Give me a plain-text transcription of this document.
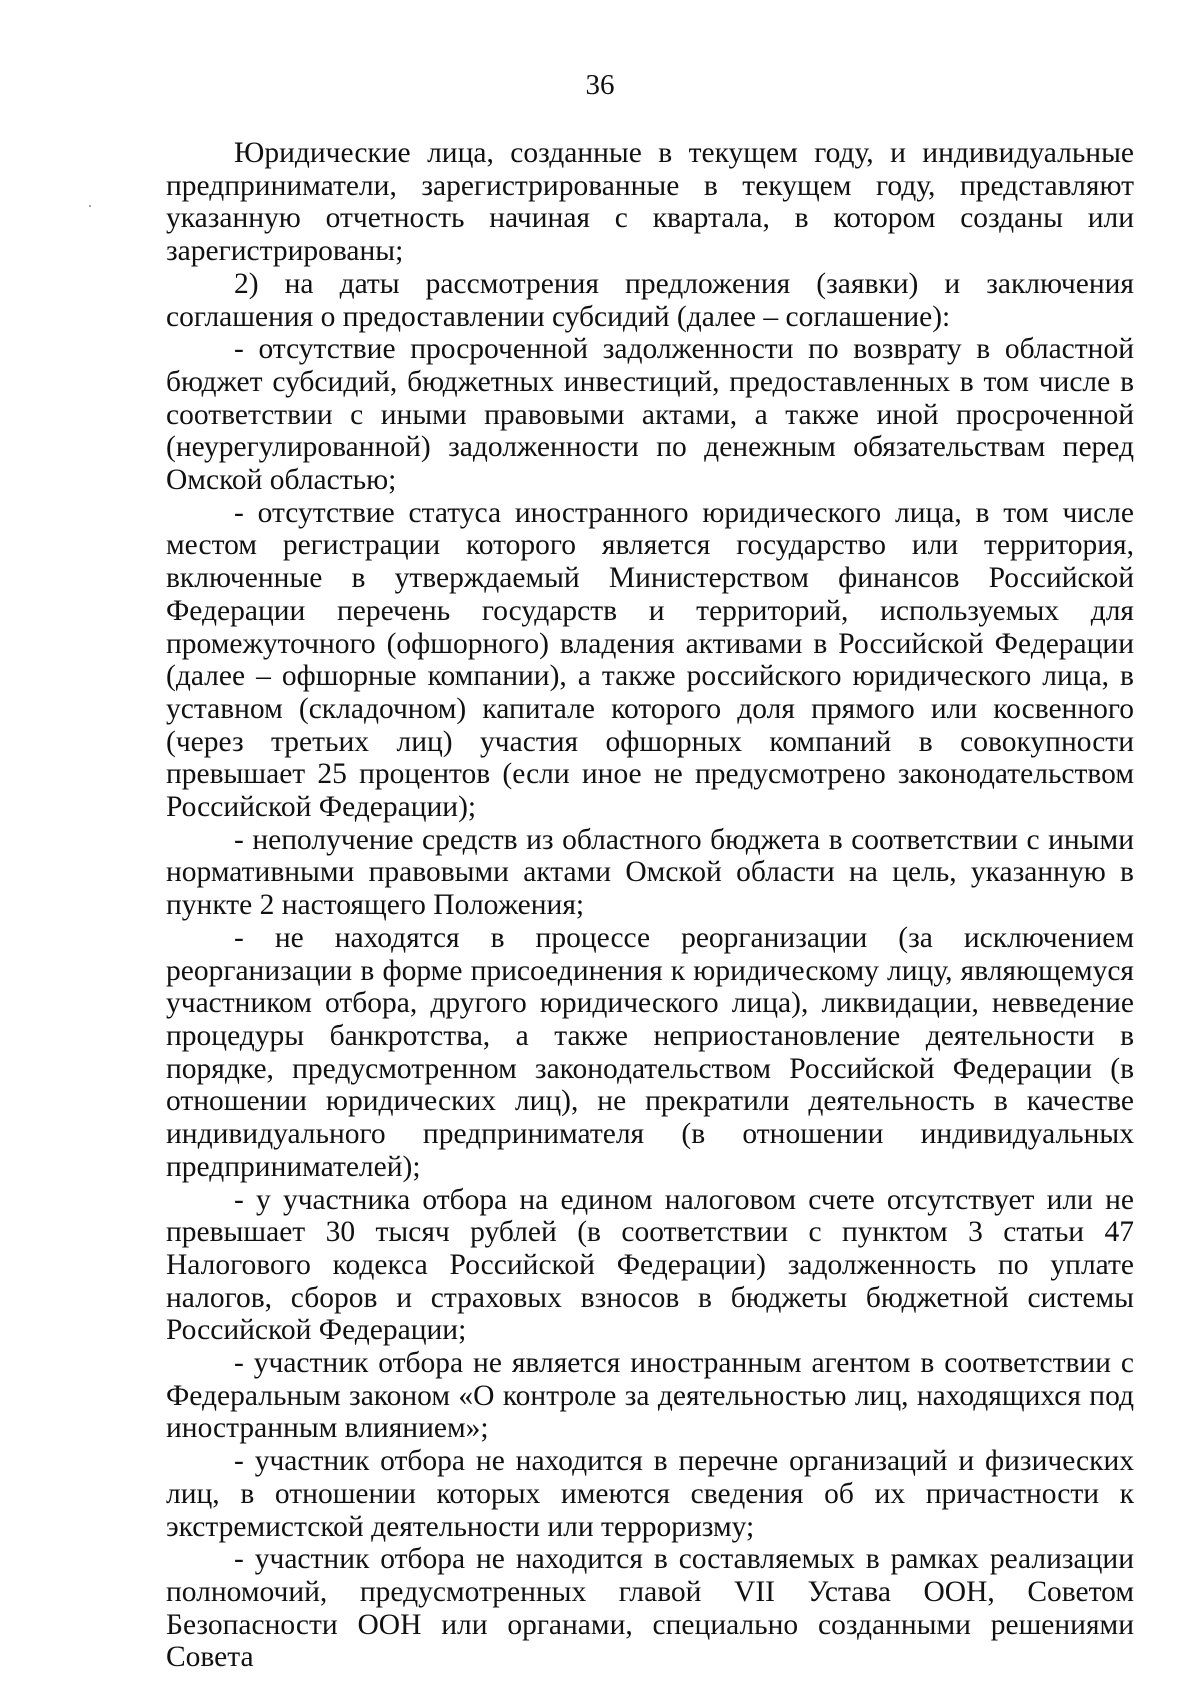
36

Юридические лица, созданные в текущем году, и индивидуальные предприниматели, зарегистрированные в текущем году, представляют указанную отчетность начиная с квартала, в котором созданы или зарегистрированы;

2) на даты рассмотрения предложения (заявки) и заключения соглашения о предоставлении субсидий (далее – соглашение):

- отсутствие просроченной задолженности по возврату в областной бюджет субсидий, бюджетных инвестиций, предоставленных в том числе в соответствии с иными правовыми актами, а также иной просроченной (неурегулированной) задолженности по денежным обязательствам перед Омской областью;

- отсутствие статуса иностранного юридического лица, в том числе местом регистрации которого является государство или территория, включенные в утверждаемый Министерством финансов Российской Федерации перечень государств и территорий, используемых для промежуточного (офшорного) владения активами в Российской Федерации (далее – офшорные компании), а также российского юридического лица, в уставном (складочном) капитале которого доля прямого или косвенного (через третьих лиц) участия офшорных компаний в совокупности превышает 25 процентов (если иное не предусмотрено законодательством Российской Федерации);

- неполучение средств из областного бюджета в соответствии с иными нормативными правовыми актами Омской области на цель, указанную в пункте 2 настоящего Положения;

- не находятся в процессе реорганизации (за исключением реорганизации в форме присоединения к юридическому лицу, являющемуся участником отбора, другого юридического лица), ликвидации, невведение процедуры банкротства, а также неприостановление деятельности в порядке, предусмотренном законодательством Российской Федерации (в отношении юридических лиц), не прекратили деятельность в качестве индивидуального предпринимателя (в отношении индивидуальных предпринимателей);

- у участника отбора на едином налоговом счете отсутствует или не превышает 30 тысяч рублей (в соответствии с пунктом 3 статьи 47 Налогового кодекса Российской Федерации) задолженность по уплате налогов, сборов и страховых взносов в бюджеты бюджетной системы Российской Федерации;

- участник отбора не является иностранным агентом в соответствии с Федеральным законом «О контроле за деятельностью лиц, находящихся под иностранным влиянием»;

- участник отбора не находится в перечне организаций и физических лиц, в отношении которых имеются сведения об их причастности к экстремистской деятельности или терроризму;

- участник отбора не находится в составляемых в рамках реализации полномочий, предусмотренных главой VII Устава ООН, Советом Безопасности ООН или органами, специально созданными решениями Совета
